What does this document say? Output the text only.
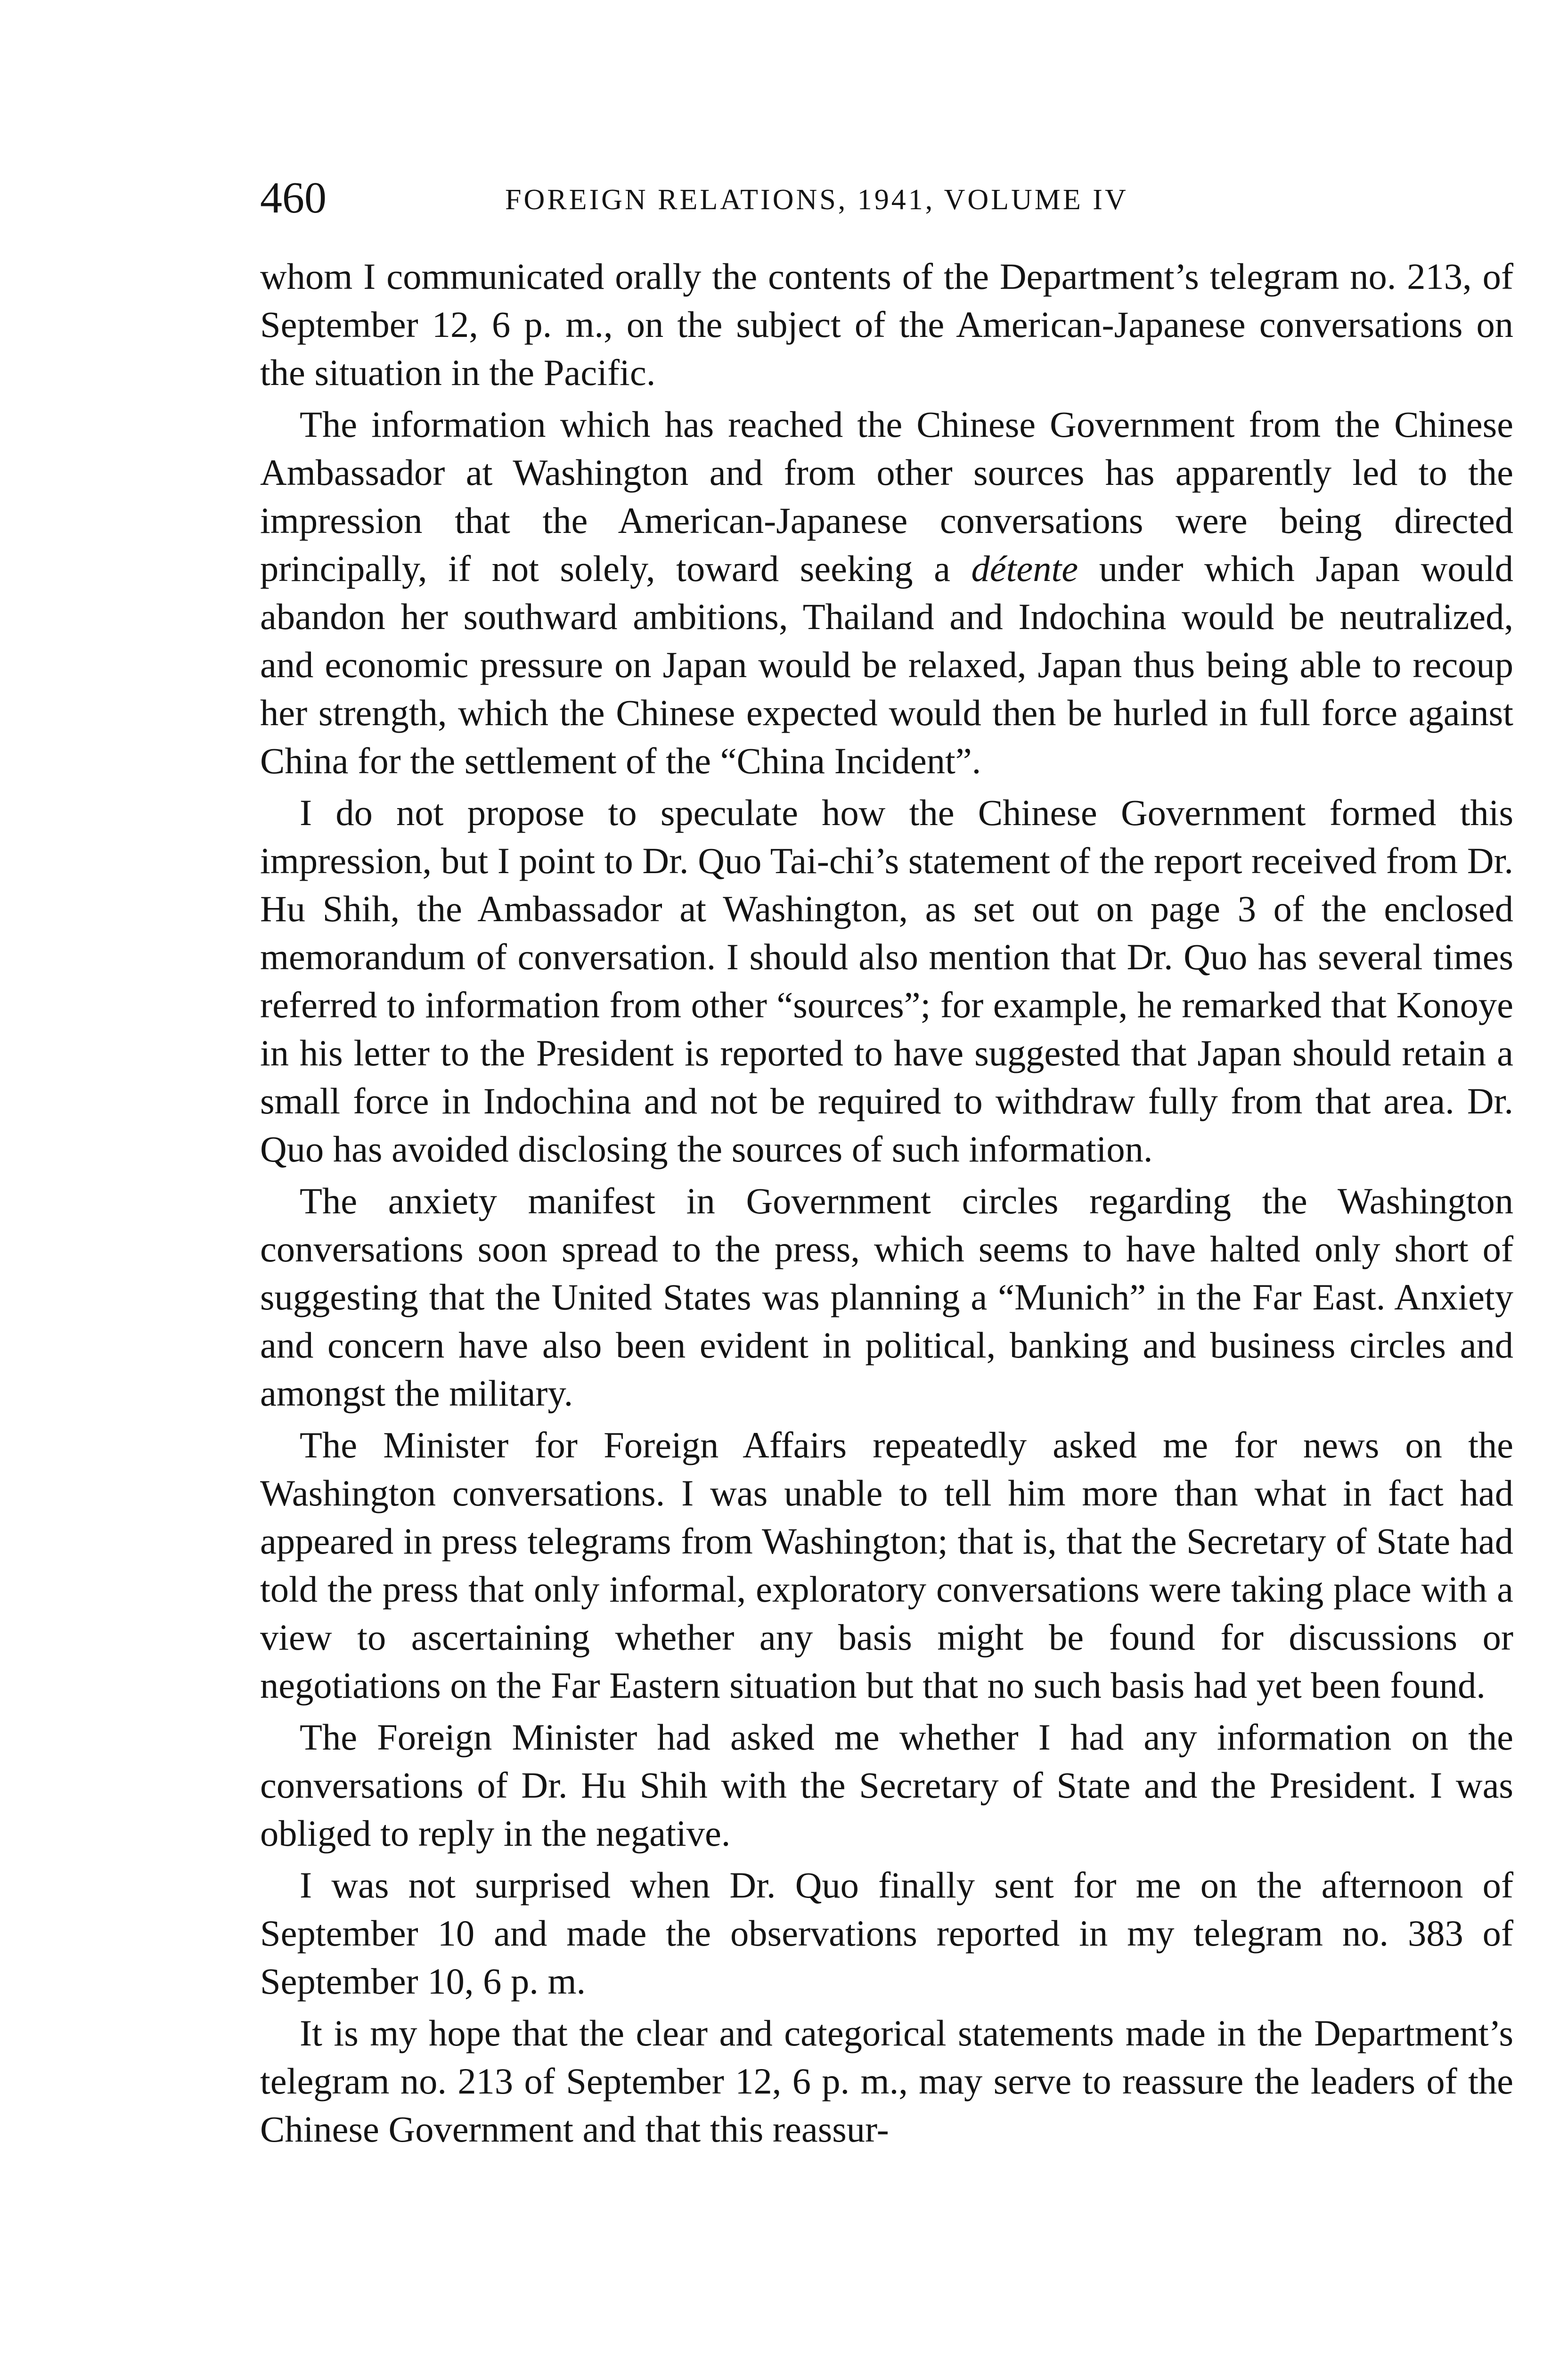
460	FOREIGN RELATIONS, 1941, VOLUME IV

whom I communicated orally the contents of the Department’s telegram no. 213, of September 12, 6 p. m., on the subject of the American-Japanese conversations on the situation in the Pacific.

The information which has reached the Chinese Government from the Chinese Ambassador at Washington and from other sources has apparently led to the impression that the American-Japanese conversations were being directed principally, if not solely, toward seeking a détente under which Japan would abandon her southward ambitions, Thailand and Indochina would be neutralized, and economic pressure on Japan would be relaxed, Japan thus being able to recoup her strength, which the Chinese expected would then be hurled in full force against China for the settlement of the “China Incident”.

I do not propose to speculate how the Chinese Government formed this impression, but I point to Dr. Quo Tai-chi’s statement of the report received from Dr. Hu Shih, the Ambassador at Washington, as set out on page 3 of the enclosed memorandum of conversation. I should also mention that Dr. Quo has several times referred to information from other “sources”; for example, he remarked that Konoye in his letter to the President is reported to have suggested that Japan should retain a small force in Indochina and not be required to withdraw fully from that area. Dr. Quo has avoided disclosing the sources of such information.

The anxiety manifest in Government circles regarding the Washington conversations soon spread to the press, which seems to have halted only short of suggesting that the United States was planning a “Munich” in the Far East. Anxiety and concern have also been evident in political, banking and business circles and amongst the military.

The Minister for Foreign Affairs repeatedly asked me for news on the Washington conversations. I was unable to tell him more than what in fact had appeared in press telegrams from Washington; that is, that the Secretary of State had told the press that only informal, exploratory conversations were taking place with a view to ascertaining whether any basis might be found for discussions or negotiations on the Far Eastern situation but that no such basis had yet been found.

The Foreign Minister had asked me whether I had any information on the conversations of Dr. Hu Shih with the Secretary of State and the President. I was obliged to reply in the negative.

I was not surprised when Dr. Quo finally sent for me on the afternoon of September 10 and made the observations reported in my telegram no. 383 of September 10, 6 p. m.

It is my hope that the clear and categorical statements made in the Department’s telegram no. 213 of September 12, 6 p. m., may serve to reassure the leaders of the Chinese Government and that this reassur-
